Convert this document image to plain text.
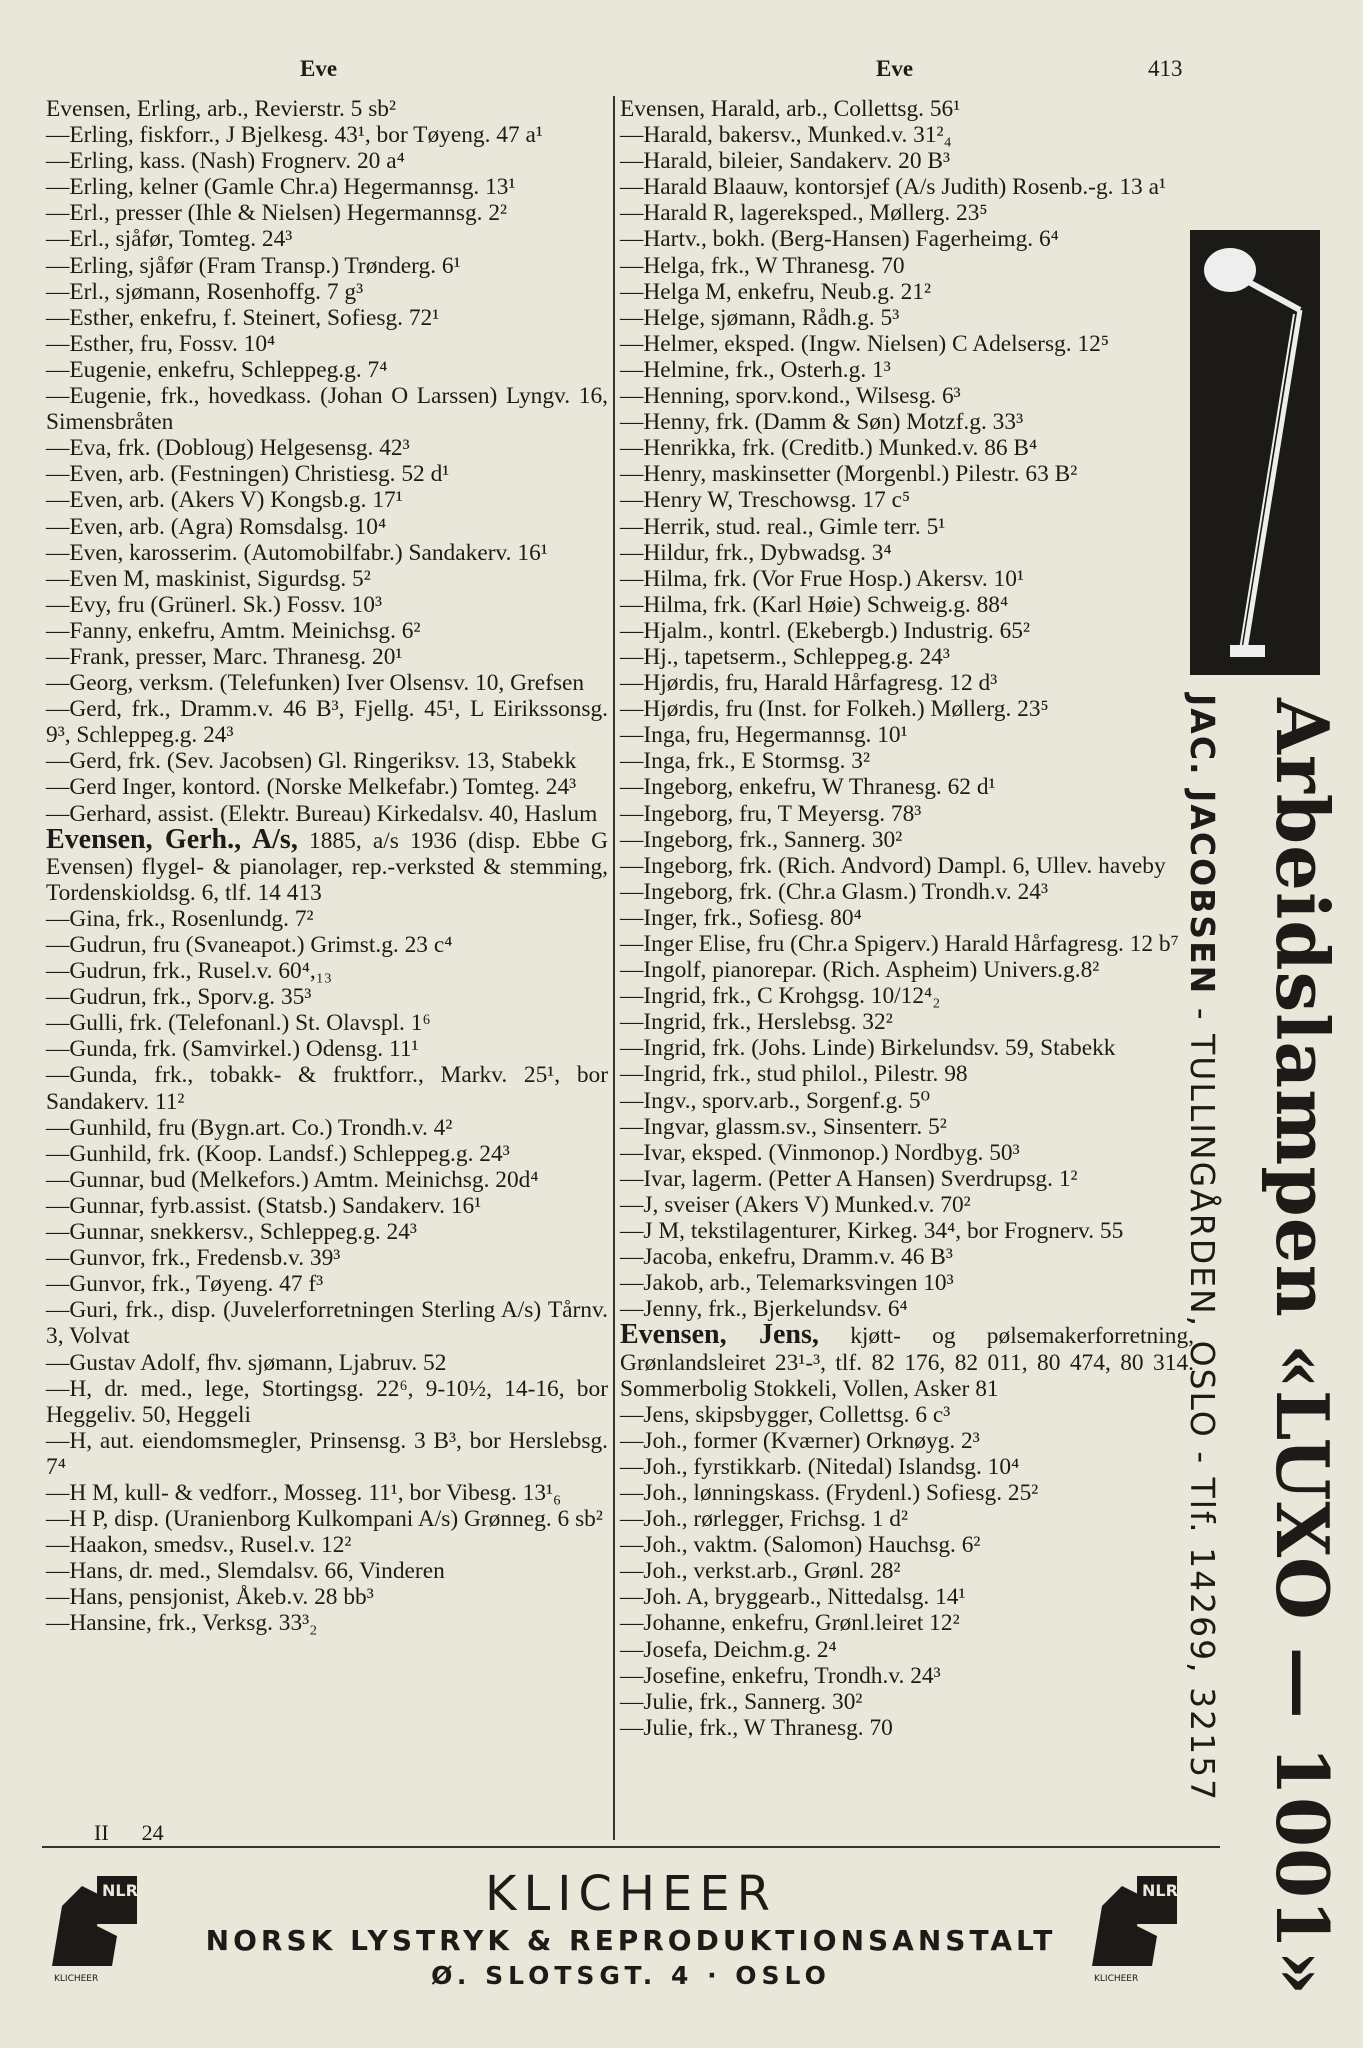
Eve	Eve	413
Evensen, Erling, arb., Revierstr. 5 sb²
—Erling, fiskforr., J Bjelkesg. 43¹, bor Tøyeng. 47 a¹
—Erling, kass. (Nash) Frognerv. 20 a⁴
—Erling, kelner (Gamle Chr.a) Hegermannsg. 13¹
—Erl., presser (Ihle & Nielsen) Hegermannsg. 2²
—Erl., sjåfør, Tomteg. 24³
—Erling, sjåfør (Fram Transp.) Trønderg. 6¹
—Erl., sjømann, Rosenhoffg. 7 g³
—Esther, enkefru, f. Steinert, Sofiesg. 72¹
—Esther, fru, Fossv. 10⁴
—Eugenie, enkefru, Schleppeg.g. 7⁴
—Eugenie, frk., hovedkass. (Johan O Larssen) Lyngv. 16, Simensbråten
—Eva, frk. (Dobloug) Helgesensg. 42³
—Even, arb. (Festningen) Christiesg. 52 d¹
—Even, arb. (Akers V) Kongsb.g. 17¹
—Even, arb. (Agra) Romsdalsg. 10⁴
—Even, karosserim. (Automobilfabr.) Sandakerv. 16¹
—Even M, maskinist, Sigurdsg. 5²
—Evy, fru (Grünerl. Sk.) Fossv. 10³
—Fanny, enkefru, Amtm. Meinichsg. 6²
—Frank, presser, Marc. Thranesg. 20¹
—Georg, verksm. (Telefunken) Iver Olsensv. 10, Grefsen
—Gerd, frk., Dramm.v. 46 B³, Fjellg. 45¹, L Eirikssonsg. 9³, Schleppeg.g. 24³
—Gerd, frk. (Sev. Jacobsen) Gl. Ringeriksv. 13, Stabekk
—Gerd Inger, kontord. (Norske Melkefabr.) Tomteg. 24³
—Gerhard, assist. (Elektr. Bureau) Kirkedalsv. 40, Haslum
Evensen, Gerh., A/s, 1885, a/s 1936 (disp. Ebbe G Evensen) flygel- & pianolager, rep.-verksted & stemming, Tordenskioldsg. 6, tlf. 14 413
—Gina, frk., Rosenlundg. 7²
—Gudrun, fru (Svaneapot.) Grimst.g. 23 c⁴
—Gudrun, frk., Rusel.v. 60⁴,₁₃
—Gudrun, frk., Sporv.g. 35³
—Gulli, frk. (Telefonanl.) St. Olavspl. 1⁶
—Gunda, frk. (Samvirkel.) Odensg. 11¹
—Gunda, frk., tobakk- & fruktforr., Markv. 25¹, bor Sandakerv. 11²
—Gunhild, fru (Bygn.art. Co.) Trondh.v. 4²
—Gunhild, frk. (Koop. Landsf.) Schleppeg.g. 24³
—Gunnar, bud (Melkefors.) Amtm. Meinichsg. 20d⁴
—Gunnar, fyrb.assist. (Statsb.) Sandakerv. 16¹
—Gunnar, snekkersv., Schleppeg.g. 24³
—Gunvor, frk., Fredensb.v. 39³
—Gunvor, frk., Tøyeng. 47 f³
—Guri, frk., disp. (Juvelerforretningen Sterling A/s) Tårnv. 3, Volvat
—Gustav Adolf, fhv. sjømann, Ljabruv. 52
—H, dr. med., lege, Stortingsg. 22⁶, 9-10½, 14-16, bor Heggeliv. 50, Heggeli
—H, aut. eiendomsmegler, Prinsensg. 3 B³, bor Herslebsg. 7⁴
—H M, kull- & vedforr., Mosseg. 11¹, bor Vibesg. 13¹₆
—H P, disp. (Uranienborg Kulkompani A/s) Grønneg. 6 sb²
—Haakon, smedsv., Rusel.v. 12²
—Hans, dr. med., Slemdalsv. 66, Vinderen
—Hans, pensjonist, Åkeb.v. 28 bb³
—Hansine, frk., Verksg. 33³₂
Evensen, Harald, arb., Collettsg. 56¹
—Harald, bakersv., Munked.v. 31²₄
—Harald, bileier, Sandakerv. 20 B³
—Harald Blaauw, kontorsjef (A/s Judith) Rosenb.-g. 13 a¹
—Harald R, lagereksped., Møllerg. 23⁵
—Hartv., bokh. (Berg-Hansen) Fagerheimg. 6⁴
—Helga, frk., W Thranesg. 70
—Helga M, enkefru, Neub.g. 21²
—Helge, sjømann, Rådh.g. 5³
—Helmer, eksped. (Ingw. Nielsen) C Adelsersg. 12⁵
—Helmine, frk., Osterh.g. 1³
—Henning, sporv.kond., Wilsesg. 6³
—Henny, frk. (Damm & Søn) Motzf.g. 33³
—Henrikka, frk. (Creditb.) Munked.v. 86 B⁴
—Henry, maskinsetter (Morgenbl.) Pilestr. 63 B²
—Henry W, Treschowsg. 17 c⁵
—Herrik, stud. real., Gimle terr. 5¹
—Hildur, frk., Dybwadsg. 3⁴
—Hilma, frk. (Vor Frue Hosp.) Akersv. 10¹
—Hilma, frk. (Karl Høie) Schweig.g. 88⁴
—Hjalm., kontrl. (Ekebergb.) Industrig. 65²
—Hj., tapetserm., Schleppeg.g. 24³
—Hjørdis, fru, Harald Hårfagresg. 12 d³
—Hjørdis, fru (Inst. for Folkeh.) Møllerg. 23⁵
—Inga, fru, Hegermannsg. 10¹
—Inga, frk., E Stormsg. 3²
—Ingeborg, enkefru, W Thranesg. 62 d¹
—Ingeborg, fru, T Meyersg. 78³
—Ingeborg, frk., Sannerg. 30²
—Ingeborg, frk. (Rich. Andvord) Dampl. 6, Ullev. haveby
—Ingeborg, frk. (Chr.a Glasm.) Trondh.v. 24³
—Inger, frk., Sofiesg. 80⁴
—Inger Elise, fru (Chr.a Spigerv.) Harald Hårfagresg. 12 b⁷
—Ingolf, pianorepar. (Rich. Aspheim) Univers.g.8²
—Ingrid, frk., C Krohgsg. 10/12⁴₂
—Ingrid, frk., Herslebsg. 32²
—Ingrid, frk. (Johs. Linde) Birkelundsv. 59, Stabekk
—Ingrid, frk., stud philol., Pilestr. 98
—Ingv., sporv.arb., Sorgenf.g. 5⁰
—Ingvar, glassm.sv., Sinsenterr. 5²
—Ivar, eksped. (Vinmonop.) Nordbyg. 50³
—Ivar, lagerm. (Petter A Hansen) Sverdrupsg. 1²
—J, sveiser (Akers V) Munked.v. 70²
—J M, tekstilagenturer, Kirkeg. 34⁴, bor Frognerv. 55
—Jacoba, enkefru, Dramm.v. 46 B³
—Jakob, arb., Telemarksvingen 10³
—Jenny, frk., Bjerkelundsv. 6⁴
Evensen, Jens, kjøtt- og pølsemakerforretning, Grønlandsleiret 23¹-³, tlf. 82 176, 82 011, 80 474, 80 314. Sommerbolig Stokkeli, Vollen, Asker 81
—Jens, skipsbygger, Collettsg. 6 c³
—Joh., former (Kværner) Orknøyg. 2³
—Joh., fyrstikkarb. (Nitedal) Islandsg. 10⁴
—Joh., lønningskass. (Frydenl.) Sofiesg. 25²
—Joh., rørlegger, Frichsg. 1 d²
—Joh., vaktm. (Salomon) Hauchsg. 6²
—Joh., verkst.arb., Grønl. 28²
—Joh. A, bryggearb., Nittedalsg. 14¹
—Johanne, enkefru, Grønl.leiret 12²
—Josefa, Deichm.g. 2⁴
—Josefine, enkefru, Trondh.v. 24³
—Julie, frk., Sannerg. 30²
—Julie, frk., W Thranesg. 70
II      24	Arbeidslampen «LUXO — 1001»
JAC. JACOBSEN - TULLINGÅRDEN, OSLO - Tlf. 14269, 32157
NLR
KLICHEER
KLICHEER
NORSK LYSTRYK & REPRODUKTIONSANSTALT
Ø. SLOTSGT. 4 · OSLO
NLR
KLICHEER
